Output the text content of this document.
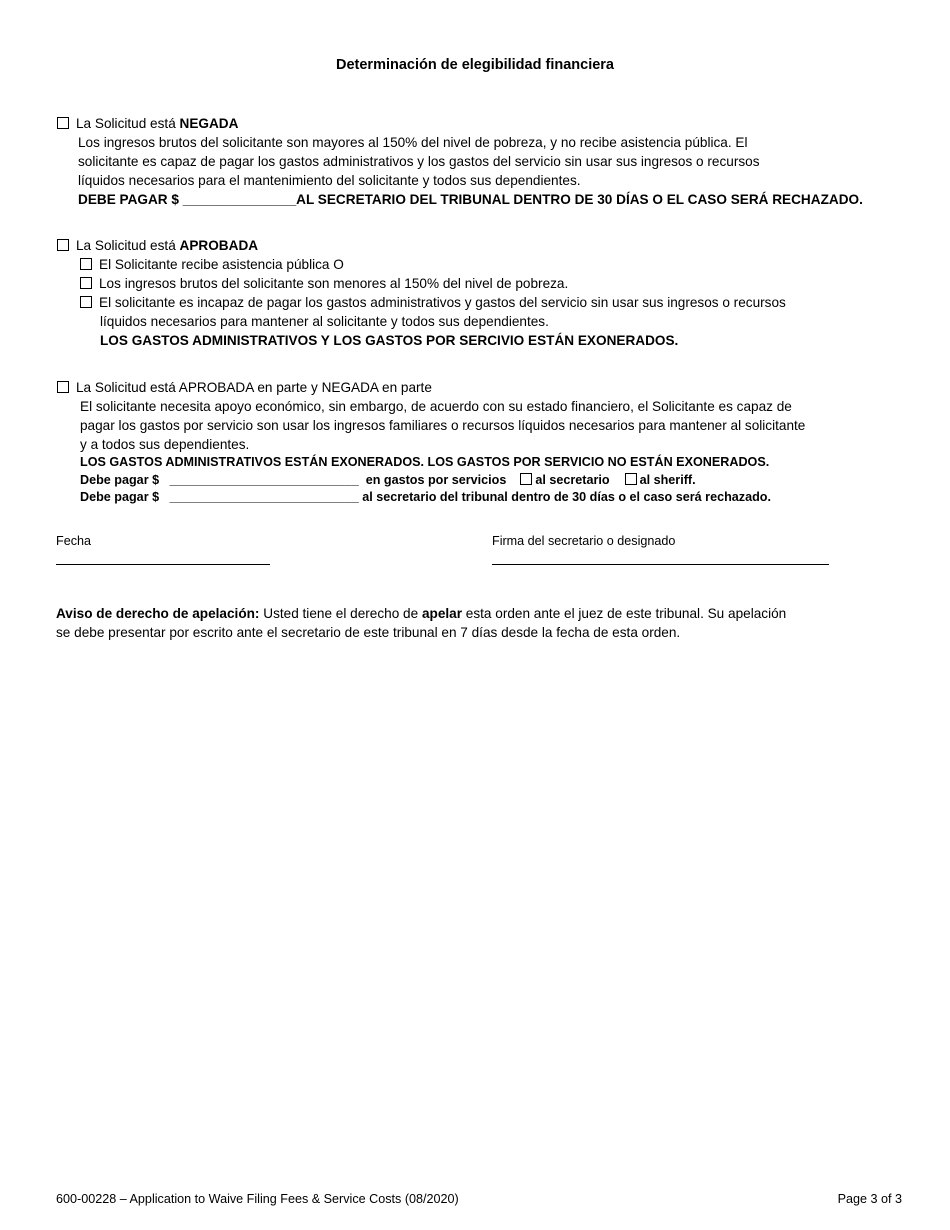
Determinación de elegibilidad financiera
La Solicitud está NEGADA
Los ingresos brutos del solicitante son mayores al 150% del nivel de pobreza, y no recibe asistencia pública. El
solicitante es capaz de pagar los gastos administrativos y los gastos del servicio sin usar sus ingresos o recursos
líquidos necesarios para el mantenimiento del solicitante y todos sus dependientes.
DEBE PAGAR $ _______________AL SECRETARIO DEL TRIBUNAL DENTRO DE 30 DÍAS O EL CASO SERÁ RECHAZADO.
La Solicitud está APROBADA
El Solicitante recibe asistencia pública O
Los ingresos brutos del solicitante son menores al 150% del nivel de pobreza.
El solicitante es incapaz de pagar los gastos administrativos y gastos del servicio sin usar sus ingresos o recursos
líquidos necesarios para mantener al solicitante y todos sus dependientes.
LOS GASTOS ADMINISTRATIVOS Y LOS GASTOS POR SERCIVIO ESTÁN EXONERADOS.
La Solicitud está APROBADA en parte y NEGADA en parte
El solicitante necesita apoyo económico, sin embargo, de acuerdo con su estado financiero, el Solicitante es capaz de
pagar los gastos por servicio son usar los ingresos familiares o recursos líquidos necesarios para mantener al solicitante
y a todos sus dependientes.
LOS GASTOS ADMINISTRATIVOS ESTÁN EXONERADOS. LOS GASTOS POR SERVICIO NO ESTÁN EXONERADOS.
Debe pagar $   ___________________________  en gastos por servicios al secretario al sheriff.
Debe pagar $   ___________________________ al secretario del tribunal dentro de 30 días o el caso será rechazado.
Fecha	Firma del secretario o designado
Aviso de derecho de apelación: Usted tiene el derecho de apelar esta orden ante el juez de este tribunal. Su apelación
se debe presentar por escrito ante el secretario de este tribunal en 7 días desde la fecha de esta orden.
600-00228 – Application to Waive Filing Fees & Service Costs (08/2020)	Page 3 of 3
